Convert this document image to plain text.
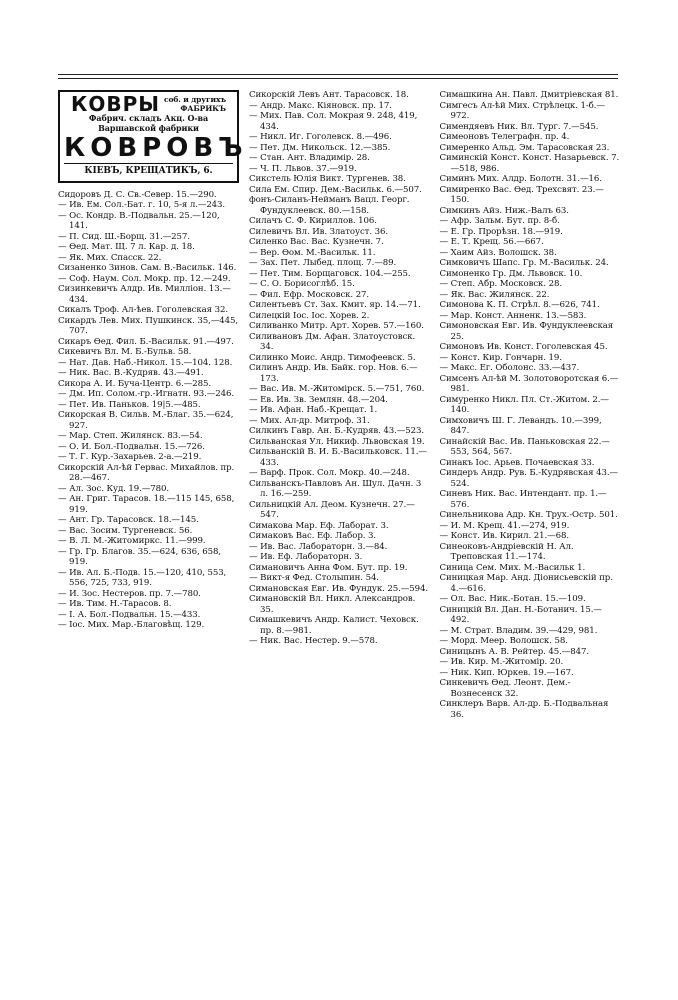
КОВРЫ соб. и другихъ
ФАБРИКЪ
Фабрич. складъ Акц. О-ва
Варшавской фабрики
КОВРОВЪ
КІЕВЪ, КРЕЩАТИКЪ, 6.

Сидоровъ Д. С. Св.-Север. 15.—290.

— Ив. Ем. Сол.-Бат. г. 10, 5-я л.—243.

— Ос. Кондр. В.-Подвальн. 25.—120, 141.

— П. Сид. Ш.-Борщ. 31.—257.

— Өед. Мат. Щ. 7 л. Кар. д. 18.

— Як. Мих. Спасск. 22.

Сизаненко Зинов. Сам. В.-Васильк. 146.

— Соф. Наум. Сол. Мокр. пр. 12.—249.

Сизинкевичъ Алдр. Ив. Милліон. 13.—434.

Сикалъ Троф. Ал-ѣев. Гоголевская 32.

Сикардъ Лев. Мих. Пушкинск. 35,—445, 707.

Сикаръ Өед. Фил. Б.-Васильк. 91.—497.

Сикевичъ Вл. М. Б.-Бульв. 58.

— Нат. Дав. Наб.-Никол. 15.—104. 128.

— Ник. Вас. В.-Кудряв. 43.—491.

Сикора А. И. Буча-Центр. 6.—285.

— Дм. Ип. Солом.-гр.-Игнатн. 93.—246.

— Пет. Ив. Паньков. 19|5.—485.

Сикорская В. Сильв. М.-Благ. 35.—624, 927.

— Мар. Степ. Жилянск. 83.—54.

— О. И. Бол.-Подвальн. 15.—726.

— Т. Г. Кур.-Захарьев. 2-а.—219.

Сикорскій Ал-ѣй Гервас. Михайлов. пр. 28.—467.

— Ал. Зос. Куд. 19.—780.

— Ан. Григ. Тарасов. 18.—115 145, 658, 919.

— Ант. Гр. Тарасовск. 18.—145.

— Вас. Зосим. Тургеневск. 56.

— В. Л. М.-Житомиркс. 11.—999.

— Гр. Гр. Благов. 35.—624, 636, 658, 919.

— Ив. Ал. Б.-Подв. 15.—120, 410, 553, 556, 725, 733, 919.

— И. Зос. Нестеров. пр. 7.—780.

— Ив. Тим. Н.-Тарасов. 8.

— I. А. Бол.-Подвальн. 15.—433.

— Іос. Мих. Мар.-Благовѣщ. 129.

Сикорскій Левъ Ант. Тарасовск. 18.

— Андр. Макс. Кіяновск. пр. 17.

— Мих. Пав. Сол. Мокрая 9. 248, 419, 434.

— Никл. Иг. Гоголевск. 8.—496.

— Пет. Дм. Никольск. 12.—385.

— Стан. Ант. Владимір. 28.

— Ч. П. Львов. 37.—919.

Сикстель Юлія Викт. Тургенев. 38.

Сила Ем. Спир. Дем.-Васильк. 6.—507.

фонъ-Силанъ-Нейманъ Вацл. Георг. Фундуклеевск. 80.—158.

Силачъ С. Ф. Кириллов. 106.

Силевичъ Вл. Ив. Златоуст. 36.

Силенко Вас. Вас. Кузнечн. 7.

— Вер. Өом. М.-Васильк. 11.

— Зах. Пет. Лыбед. площ. 7.—89.

— Пет. Тим. Борщаговск. 104.—255.

— С. О. Борисоглѣб. 15.

— Фил. Ефр. Московск. 27.

Силентьевъ Ст. Зах. Кмит. яр. 14.—71.

Силецкій Іос. Іос. Хорев. 2.

Силиванко Митр. Арт. Хорев. 57.—160.

Силивановъ Дм. Афан. Златоустовск. 34.

Силинко Моис. Андр. Тимофеевск. 5.

Силинъ Андр. Ив. Байк. гор. Нов. 6.—173.

— Вас. Ив. М.-Житомірск. 5.—751, 760.

— Ев. Ив. Зв. Землян. 48.—204.

— Ив. Афан. Наб.-Крещат. 1.

— Мих. Ал-др. Митроф. 31.

Силкинъ Гавр. Ан. Б.-Кудряв. 43.—523.

Сильванская Ул. Никиф. Львовская 19.

Сильванскій В. И. Б.-Васильковск. 11.—433.

— Варф. Прок. Сол. Мокр. 40.—248.

Сильванскъ-Павловъ Ан. Шул. Дачн. 3 л. 16.—259.

Сильницкій Ал. Деом. Кузнечн. 27.—547.

Симакова Мар. Еф. Лаборат. 3.

Симаковъ Вас. Еф. Лабор. 3.

— Ив. Вас. Лабораторн. 3.—84.

— Ив. Еф. Лабораторн. 3.

Симановичъ Анна Фом. Бут. пр. 19.

— Викт-я Фед. Столыпин. 54.

Симановская Евг. Ив. Фундук. 25.—594.

Симановскій Вл. Никл. Александров. 35.

Симашкевичъ Андр. Калист. Чеховск. пр. 8.—981.

— Ник. Вас. Нестер. 9.—578.

Симашкина Ан. Павл. Дмитріевская 81.

Симгесъ Ал-ѣй Мих. Стрѣлецк. 1-б.—972.

Симендяевъ Ник. Вл. Тург. 7.—545.

Симеоновъ Телеграфн. пр. 4.

Симеренко Альд. Эм. Тарасовская 23.

Симинскій Конст. Конст. Назарьевск. 7.—518, 986.

Симинъ Мих. Алдр. Болотн. 31.—16.

Симиренко Вас. Өед. Трехсвят. 23.—150.

Симкинъ Айз. Ниж.-Валъ 63.

— Афр. Зальм. Бут. пр. 8-б.

— Е. Гр. Прорѣзн. 18.—919.

— Е. Т. Крещ. 56.—667.

— Хаим Айз. Волошск. 38.

Симковичъ Шапс. Гр. М.-Васильк. 24.

Симоненко Гр. Дм. Львовск. 10.

— Степ. Абр. Московск. 28.

— Як. Вас. Жилянск. 22.

Симонова К. П. Стрѣл. 8.—626, 741.

— Мар. Конст. Анненк. 13.—583.

Симоновская Евг. Ив. Фундуклеевская 25.

Симоновъ Ив. Конст. Гоголевская 45.

— Конст. Кир. Гончарн. 19.

— Макс. Ег. Оболонс. 33.—437.

Симсенъ Ал-ѣй М. Золотоворотская 6.—981.

Симуренко Никл. Пл. Ст.-Житом. 2.—140.

Симховичъ Ш. Г. Левандъ. 10.—399, 847.

Синайскій Вас. Ив. Паньковская 22.—553, 564, 567.

Синакъ Іос. Арьев. Почаевская 33.

Синдеръ Андр. Рув. Б.-Кудрявская 43.—524.

Синевъ Ник. Вас. Интендант. пр. 1.—576.

Синельникова Адр. Кн. Трух.-Остр. 501.

— И. М. Крещ. 41.—274, 919.

— Конст. Ив. Кирил. 21.—68.

Синеоковъ-Андріевскій Н. Ал. Треповская 11.—174.

Синица Сем. Мих. М.-Васильк 1.

Синицкая Мар. Анд. Діонисьевскій пр. 4.—616.

— Ол. Вас. Ник.-Ботан. 15.—109.

Синицкій Вл. Дан. Н.-Ботанич. 15.—492.

— М. Страт. Владим. 39.—429, 981.

— Морд. Меер. Волошск. 58.

Синицынъ А. В. Рейтер. 45.—847.

— Ив. Кир. М.-Житомір. 20.

— Ник. Кип. Юркев. 19.—167.

Синкевичъ Өед. Леонт. Дем.-Вознесенск 32.

Синклеръ Варв. Ал-др. Б.-Подвальная 36.
